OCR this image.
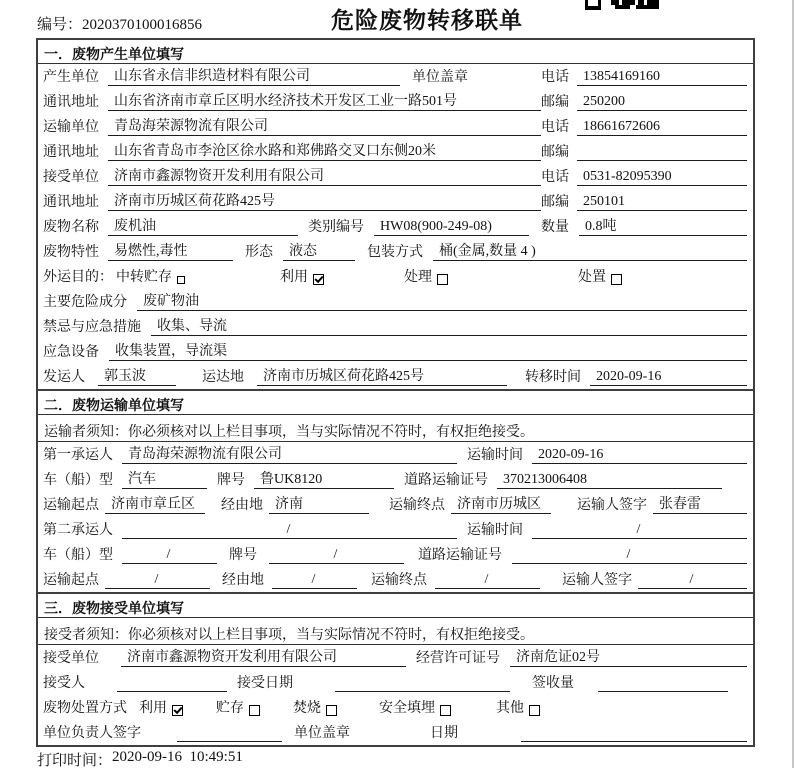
编号：2020370100016856	危险废物转移联单
一．废物产生单位填写
产生单位	山东省永信非织造材料有限公司	单位盖章	电话	13854169160
通讯地址	山东省济南市章丘区明水经济技术开发区工业一路501号	邮编	250200
运输单位	青岛海荣源物流有限公司	电话	18661672606
通讯地址	山东省青岛市李沧区徐水路和郑佛路交叉口东侧20米	邮编
接受单位	济南市鑫源物资开发利用有限公司	电话	0531-82095390
通讯地址	济南市历城区荷花路425号	邮编	250101
废物名称	废机油	类别编号	HW08(900-249-08)	数量	0.8吨
废物特性	易燃性,毒性	形态	液态	包装方式	桶(金属,数量 4 )
外运目的： 中转贮存	利用	处理	处置
主要危险成分	废矿物油
禁忌与应急措施	收集、导流
应急设备	收集装置，导流渠
发运人	郭玉波	运达地	济南市历城区荷花路425号	转移时间	2020-09-16
二．废物运输单位填写
运输者须知：你必须核对以上栏目事项，当与实际情况不符时，有权拒绝接受。
第一承运人	青岛海荣源物流有限公司	运输时间	2020-09-16
车（船）型	汽车	牌号	鲁UK8120	道路运输证号	370213006408
运输起点 济南市章丘区	经由地 济南	运输终点 济南市历城区	运输人签字 张春雷
第二承运人	/	运输时间	/
车（船）型	/	牌号	/	道路运输证号	/
运输起点	/	经由地	/	运输终点	/	运输人签字	/
三．废物接受单位填写
接受者须知：你必须核对以上栏目事项，当与实际情况不符时，有权拒绝接受。
接受单位	济南市鑫源物资开发利用有限公司	经营许可证号	济南危证02号
接受人	接受日期	签收量
废物处置方式 利用	贮存	焚烧	安全填埋	其他
单位负责人签字	单位盖章	日期
打印时间： 2020-09-16  10:49:51
